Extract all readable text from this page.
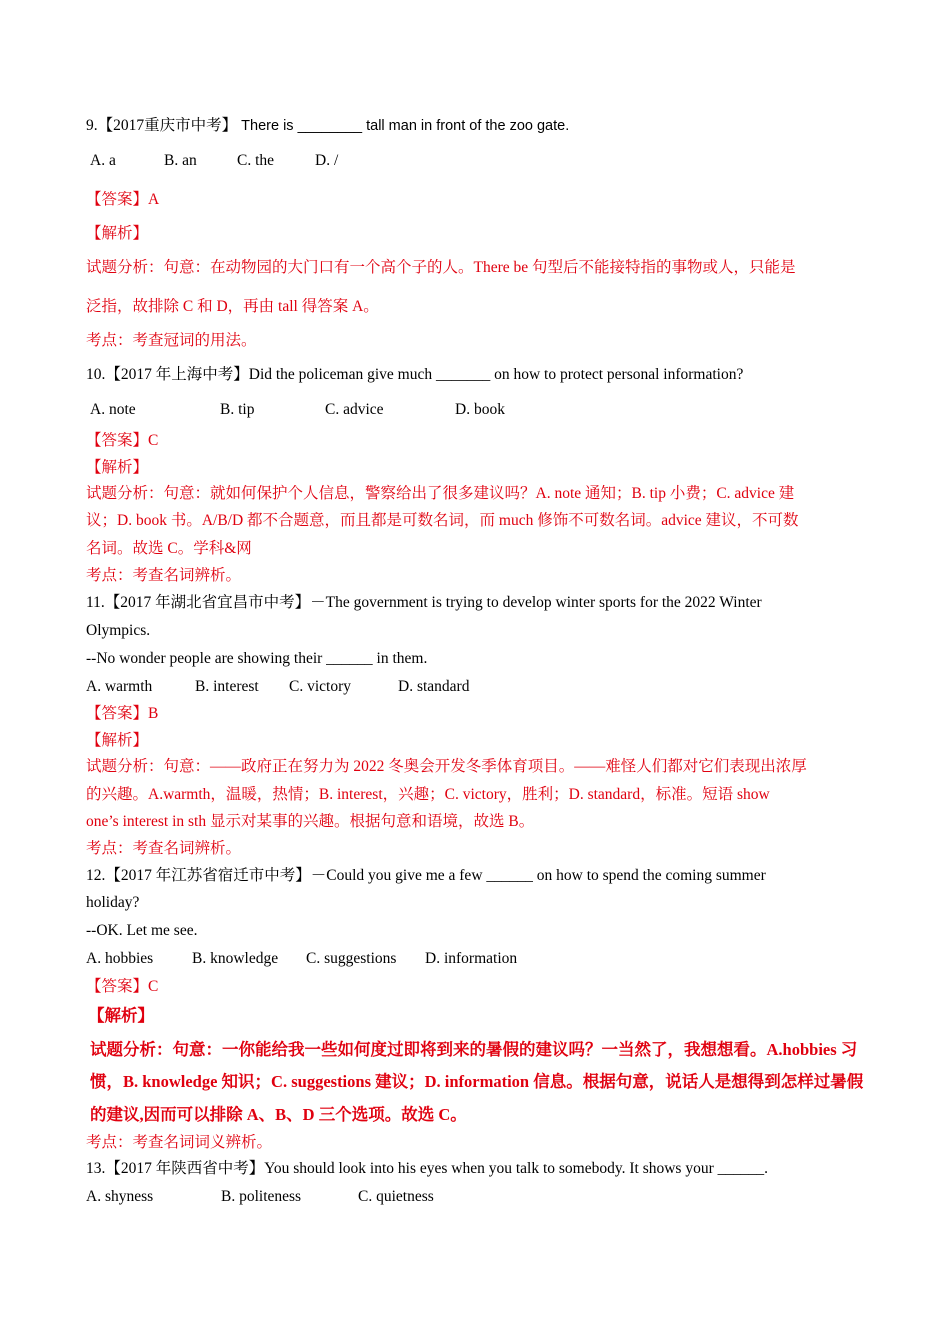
9.【2017重庆市中考】 There is ________ tall man in front of the zoo gate.
A. a	B. an	C. the	D. /
【答案】A
【解析】
试题分析：句意：在动物园的大门口有一个高个子的人。There be 句型后不能接特指的事物或人，只能是
泛指，故排除 C 和 D，再由 tall 得答案 A。
考点：考查冠词的用法。
10.【2017 年上海中考】Did the policeman give much _______ on how to protect personal information?
A. note	B. tip	C. advice	D. book
【答案】C
【解析】
试题分析：句意：就如何保护个人信息，警察给出了很多建议吗？A. note 通知；B. tip 小费；C. advice 建
议；D. book 书。A/B/D 都不合题意，而且都是可数名词，而 much 修饰不可数名词。advice 建议，不可数
名词。故选 C。学科&网
考点：考查名词辨析。
11.【2017 年湖北省宜昌市中考】－The government is trying to develop winter sports for the 2022 Winter
Olympics.
--No wonder people are showing their ______ in them.
A. warmth	B. interest C. victory	D. standard
【答案】B
【解析】
试题分析：句意：——政府正在努力为 2022 冬奥会开发冬季体育项目。——难怪人们都对它们表现出浓厚
的兴趣。A.warmth，温暖，热情；B. interest，兴趣；C. victory，胜利；D. standard，标准。短语 show
one’s interest in sth 显示对某事的兴趣。根据句意和语境，故选 B。
考点：考查名词辨析。
12.【2017 年江苏省宿迁市中考】－Could you give me a few ______ on how to spend the coming summer
holiday?
--OK. Let me see.
A. hobbies	B. knowledge C. suggestions D. information
【答案】C
【解析】
试题分析：句意：一你能给我一些如何度过即将到来的暑假的建议吗？一当然了，我想想看。A.hobbies 习
惯，B. knowledge 知识；C. suggestions 建议；D. information 信息。根据句意，说话人是想得到怎样过暑假
的建议,因而可以排除 A、B、D 三个选项。故选 C。
考点：考查名词词义辨析。
13.【2017 年陕西省中考】You should look into his eyes when you talk to somebody. It shows your ______.
A. shyness	B. politeness	C. quietness
